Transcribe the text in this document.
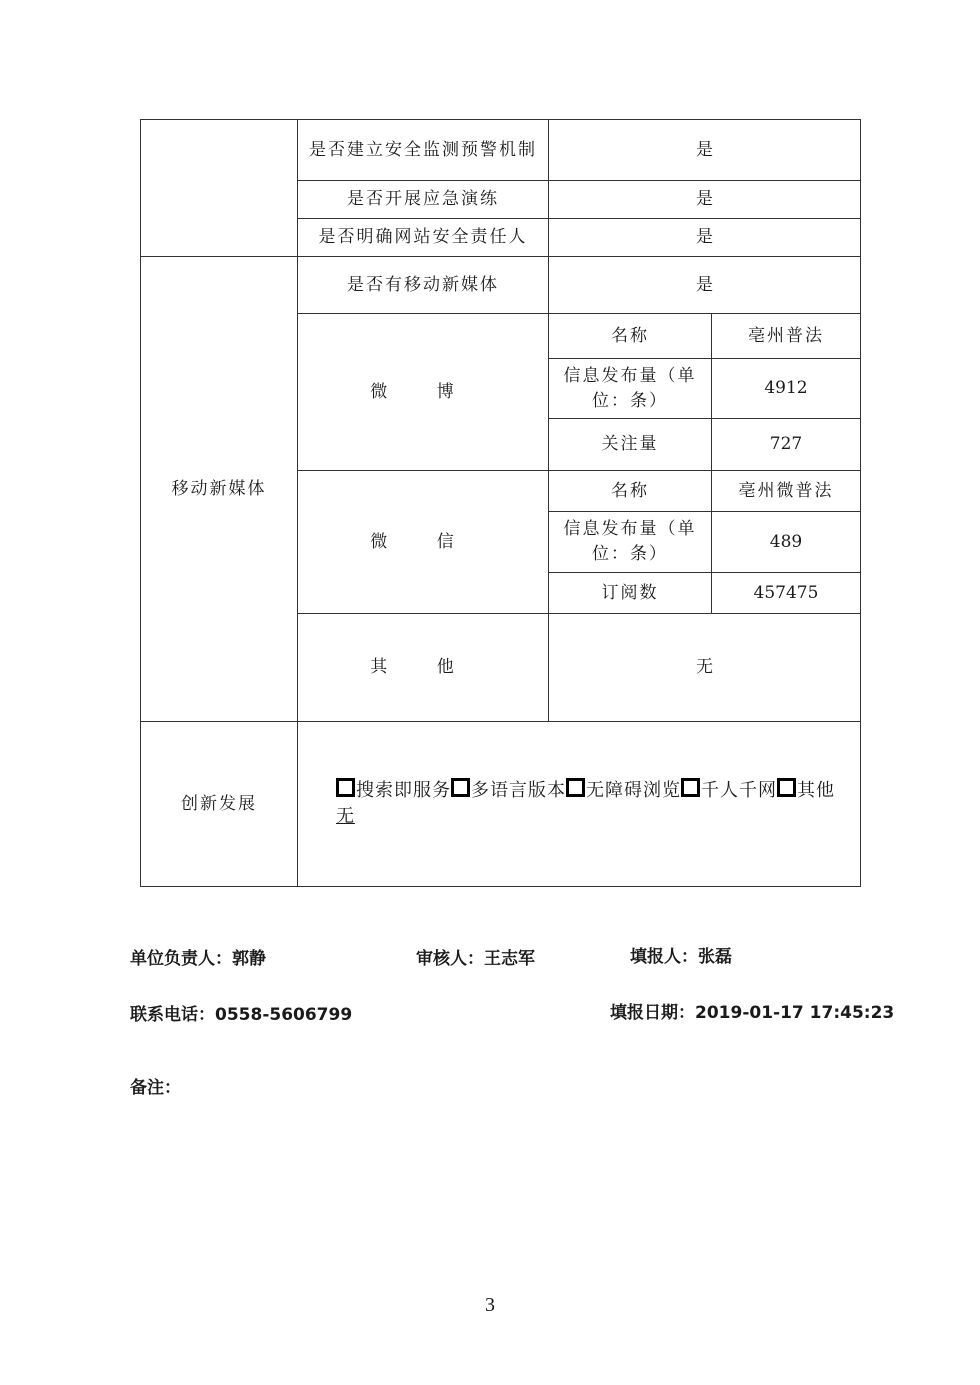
	是否建立安全监测预警机制	是	
	是否开展应急演练	是	
	是否明确网站安全责任人	是	
移动新媒体	是否有移动新媒体	是	
	微 博	名称	亳州普法
		信息发布量（单位：条）	4912
		关注量	727
	微 信	名称	亳州微普法
		信息发布量（单位：条）	489
		订阅数	457475
	其 他	无	
创新发展	搜索即服务 多语言版本 无障碍浏览 千人千网 其他
无		
单位负责人：郭静	审核人：王志军	填报人：张磊
联系电话：0558-5606799	填报日期：2019-01-17 17:45:23
备注：
3
